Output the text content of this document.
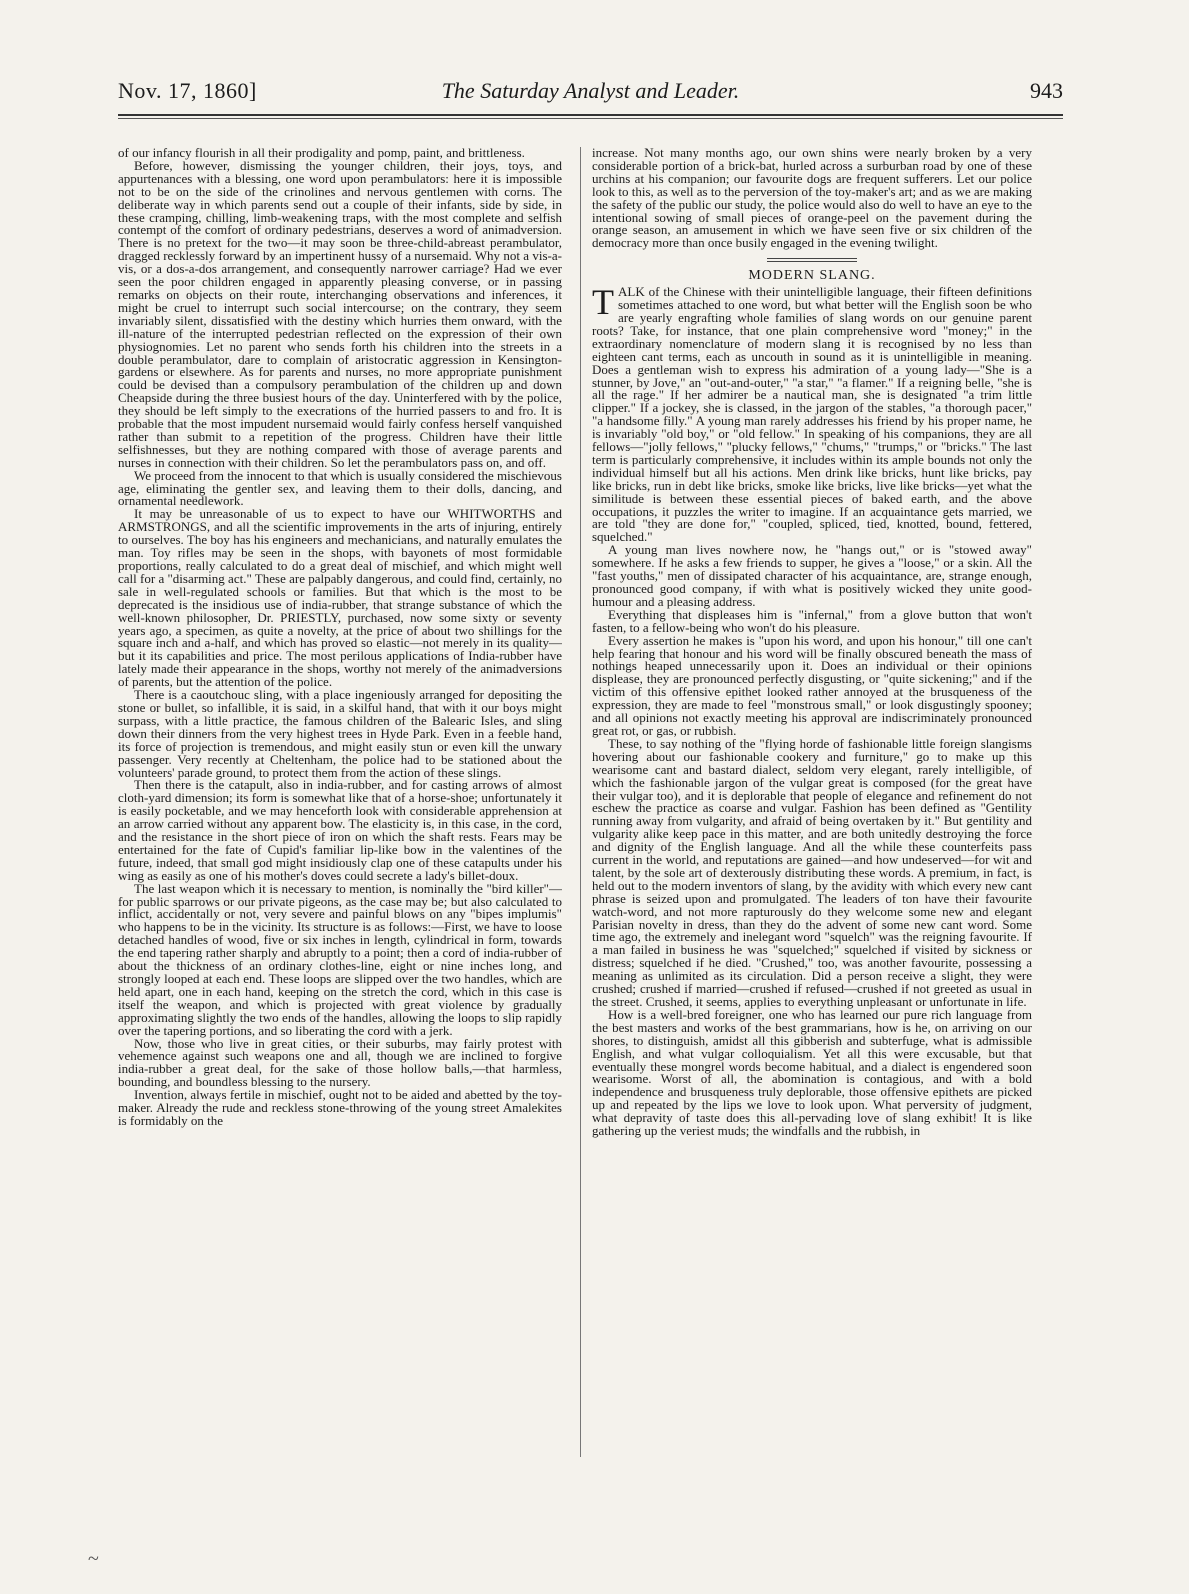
Nov. 17, 1860]	The Saturday Analyst and Leader.	943

of our infancy flourish in all their prodigality and pomp, paint, and brittleness.

Before, however, dismissing the younger children, their joys, toys, and appurtenances with a blessing, one word upon perambulators: here it is impossible not to be on the side of the crinolines and nervous gentlemen with corns. The deliberate way in which parents send out a couple of their infants, side by side, in these cramping, chilling, limb-weakening traps, with the most complete and selfish contempt of the comfort of ordinary pedestrians, deserves a word of animadversion. There is no pretext for the two—it may soon be three-child-abreast perambulator, dragged recklessly forward by an impertinent hussy of a nursemaid. Why not a vis-a-vis, or a dos-a-dos arrangement, and consequently narrower carriage? Had we ever seen the poor children engaged in apparently pleasing converse, or in passing remarks on objects on their route, interchanging observations and inferences, it might be cruel to interrupt such social intercourse; on the contrary, they seem invariably silent, dissatisfied with the destiny which hurries them onward, with the ill-nature of the interrupted pedestrian reflected on the expression of their own physiognomies. Let no parent who sends forth his children into the streets in a double perambulator, dare to complain of aristocratic aggression in Kensington-gardens or elsewhere. As for parents and nurses, no more appropriate punishment could be devised than a compulsory perambulation of the children up and down Cheapside during the three busiest hours of the day. Uninterfered with by the police, they should be left simply to the execrations of the hurried passers to and fro. It is probable that the most impudent nursemaid would fairly confess herself vanquished rather than submit to a repetition of the progress. Children have their little selfishnesses, but they are nothing compared with those of average parents and nurses in connection with their children. So let the perambulators pass on, and off.

We proceed from the innocent to that which is usually considered the mischievous age, eliminating the gentler sex, and leaving them to their dolls, dancing, and ornamental needlework.

It may be unreasonable of us to expect to have our WHITWORTHS and ARMSTRONGS, and all the scientific improvements in the arts of injuring, entirely to ourselves. The boy has his engineers and mechanicians, and naturally emulates the man. Toy rifles may be seen in the shops, with bayonets of most formidable proportions, really calculated to do a great deal of mischief, and which might well call for a "disarming act." These are palpably dangerous, and could find, certainly, no sale in well-regulated schools or families. But that which is the most to be deprecated is the insidious use of india-rubber, that strange substance of which the well-known philosopher, Dr. PRIESTLY, purchased, now some sixty or seventy years ago, a specimen, as quite a novelty, at the price of about two shillings for the square inch and a-half, and which has proved so elastic—not merely in its quality—but it its capabilities and price. The most perilous applications of India-rubber have lately made their appearance in the shops, worthy not merely of the animadversions of parents, but the attention of the police.

There is a caoutchouc sling, with a place ingeniously arranged for depositing the stone or bullet, so infallible, it is said, in a skilful hand, that with it our boys might surpass, with a little practice, the famous children of the Balearic Isles, and sling down their dinners from the very highest trees in Hyde Park. Even in a feeble hand, its force of projection is tremendous, and might easily stun or even kill the unwary passenger. Very recently at Cheltenham, the police had to be stationed about the volunteers' parade ground, to protect them from the action of these slings.

Then there is the catapult, also in india-rubber, and for casting arrows of almost cloth-yard dimension; its form is somewhat like that of a horse-shoe; unfortunately it is easily pocketable, and we may henceforth look with considerable apprehension at an arrow carried without any apparent bow. The elasticity is, in this case, in the cord, and the resistance in the short piece of iron on which the shaft rests. Fears may be entertained for the fate of Cupid's familiar lip-like bow in the valentines of the future, indeed, that small god might insidiously clap one of these catapults under his wing as easily as one of his mother's doves could secrete a lady's billet-doux.

The last weapon which it is necessary to mention, is nominally the "bird killer"—for public sparrows or our private pigeons, as the case may be; but also calculated to inflict, accidentally or not, very severe and painful blows on any "bipes implumis" who happens to be in the vicinity. Its structure is as follows:—First, we have to loose detached handles of wood, five or six inches in length, cylindrical in form, towards the end tapering rather sharply and abruptly to a point; then a cord of india-rubber of about the thickness of an ordinary clothes-line, eight or nine inches long, and strongly looped at each end. These loops are slipped over the two handles, which are held apart, one in each hand, keeping on the stretch the cord, which in this case is itself the weapon, and which is projected with great violence by gradually approximating slightly the two ends of the handles, allowing the loops to slip rapidly over the tapering portions, and so liberating the cord with a jerk.

Now, those who live in great cities, or their suburbs, may fairly protest with vehemence against such weapons one and all, though we are inclined to forgive india-rubber a great deal, for the sake of those hollow balls,—that harmless, bounding, and boundless blessing to the nursery.

Invention, always fertile in mischief, ought not to be aided and abetted by the toy-maker. Already the rude and reckless stone-throwing of the young street Amalekites is formidably on the

increase. Not many months ago, our own shins were nearly broken by a very considerable portion of a brick-bat, hurled across a surburban road by one of these urchins at his companion; our favourite dogs are frequent sufferers. Let our police look to this, as well as to the perversion of the toy-maker's art; and as we are making the safety of the public our study, the police would also do well to have an eye to the intentional sowing of small pieces of orange-peel on the pavement during the orange season, an amusement in which we have seen five or six children of the democracy more than once busily engaged in the evening twilight.

MODERN SLANG.

TALK of the Chinese with their unintelligible language, their fifteen definitions sometimes attached to one word, but what better will the English soon be who are yearly engrafting whole families of slang words on our genuine parent roots? Take, for instance, that one plain comprehensive word "money;" in the extraordinary nomenclature of modern slang it is recognised by no less than eighteen cant terms, each as uncouth in sound as it is unintelligible in meaning. Does a gentleman wish to express his admiration of a young lady—"She is a stunner, by Jove," an "out-and-outer," "a star," "a flamer." If a reigning belle, "she is all the rage." If her admirer be a nautical man, she is designated "a trim little clipper." If a jockey, she is classed, in the jargon of the stables, "a thorough pacer," "a handsome filly." A young man rarely addresses his friend by his proper name, he is invariably "old boy," or "old fellow." In speaking of his companions, they are all fellows—"jolly fellows," "plucky fellows," "chums," "trumps," or "bricks." The last term is particularly comprehensive, it includes within its ample bounds not only the individual himself but all his actions. Men drink like bricks, hunt like bricks, pay like bricks, run in debt like bricks, smoke like bricks, live like bricks—yet what the similitude is between these essential pieces of baked earth, and the above occupations, it puzzles the writer to imagine. If an acquaintance gets married, we are told "they are done for," "coupled, spliced, tied, knotted, bound, fettered, squelched."

A young man lives nowhere now, he "hangs out," or is "stowed away" somewhere. If he asks a few friends to supper, he gives a "loose," or a skin. All the "fast youths," men of dissipated character of his acquaintance, are, strange enough, pronounced good company, if with what is positively wicked they unite good-humour and a pleasing address.

Everything that displeases him is "infernal," from a glove button that won't fasten, to a fellow-being who won't do his pleasure.

Every assertion he makes is "upon his word, and upon his honour," till one can't help fearing that honour and his word will be finally obscured beneath the mass of nothings heaped unnecessarily upon it. Does an individual or their opinions displease, they are pronounced perfectly disgusting, or "quite sickening;" and if the victim of this offensive epithet looked rather annoyed at the brusqueness of the expression, they are made to feel "monstrous small," or look disgustingly spooney; and all opinions not exactly meeting his approval are indiscriminately pronounced great rot, or gas, or rubbish.

These, to say nothing of the "flying horde of fashionable little foreign slangisms hovering about our fashionable cookery and furniture," go to make up this wearisome cant and bastard dialect, seldom very elegant, rarely intelligible, of which the fashionable jargon of the vulgar great is composed (for the great have their vulgar too), and it is deplorable that people of elegance and refinement do not eschew the practice as coarse and vulgar. Fashion has been defined as "Gentility running away from vulgarity, and afraid of being overtaken by it." But gentility and vulgarity alike keep pace in this matter, and are both unitedly destroying the force and dignity of the English language. And all the while these counterfeits pass current in the world, and reputations are gained—and how undeserved—for wit and talent, by the sole art of dexterously distributing these words. A premium, in fact, is held out to the modern inventors of slang, by the avidity with which every new cant phrase is seized upon and promulgated. The leaders of ton have their favourite watch-word, and not more rapturously do they welcome some new and elegant Parisian novelty in dress, than they do the advent of some new cant word. Some time ago, the extremely and inelegant word "squelch" was the reigning favourite. If a man failed in business he was "squelched;" squelched if visited by sickness or distress; squelched if he died. "Crushed," too, was another favourite, possessing a meaning as unlimited as its circulation. Did a person receive a slight, they were crushed; crushed if married—crushed if refused—crushed if not greeted as usual in the street. Crushed, it seems, applies to everything unpleasant or unfortunate in life.

How is a well-bred foreigner, one who has learned our pure rich language from the best masters and works of the best grammarians, how is he, on arriving on our shores, to distinguish, amidst all this gibberish and subterfuge, what is admissible English, and what vulgar colloquialism. Yet all this were excusable, but that eventually these mongrel words become habitual, and a dialect is engendered soon wearisome. Worst of all, the abomination is contagious, and with a bold independence and brusqueness truly deplorable, those offensive epithets are picked up and repeated by the lips we love to look upon. What perversity of judgment, what depravity of taste does this all-pervading love of slang exhibit! It is like gathering up the veriest muds; the windfalls and the rubbish, in

~
